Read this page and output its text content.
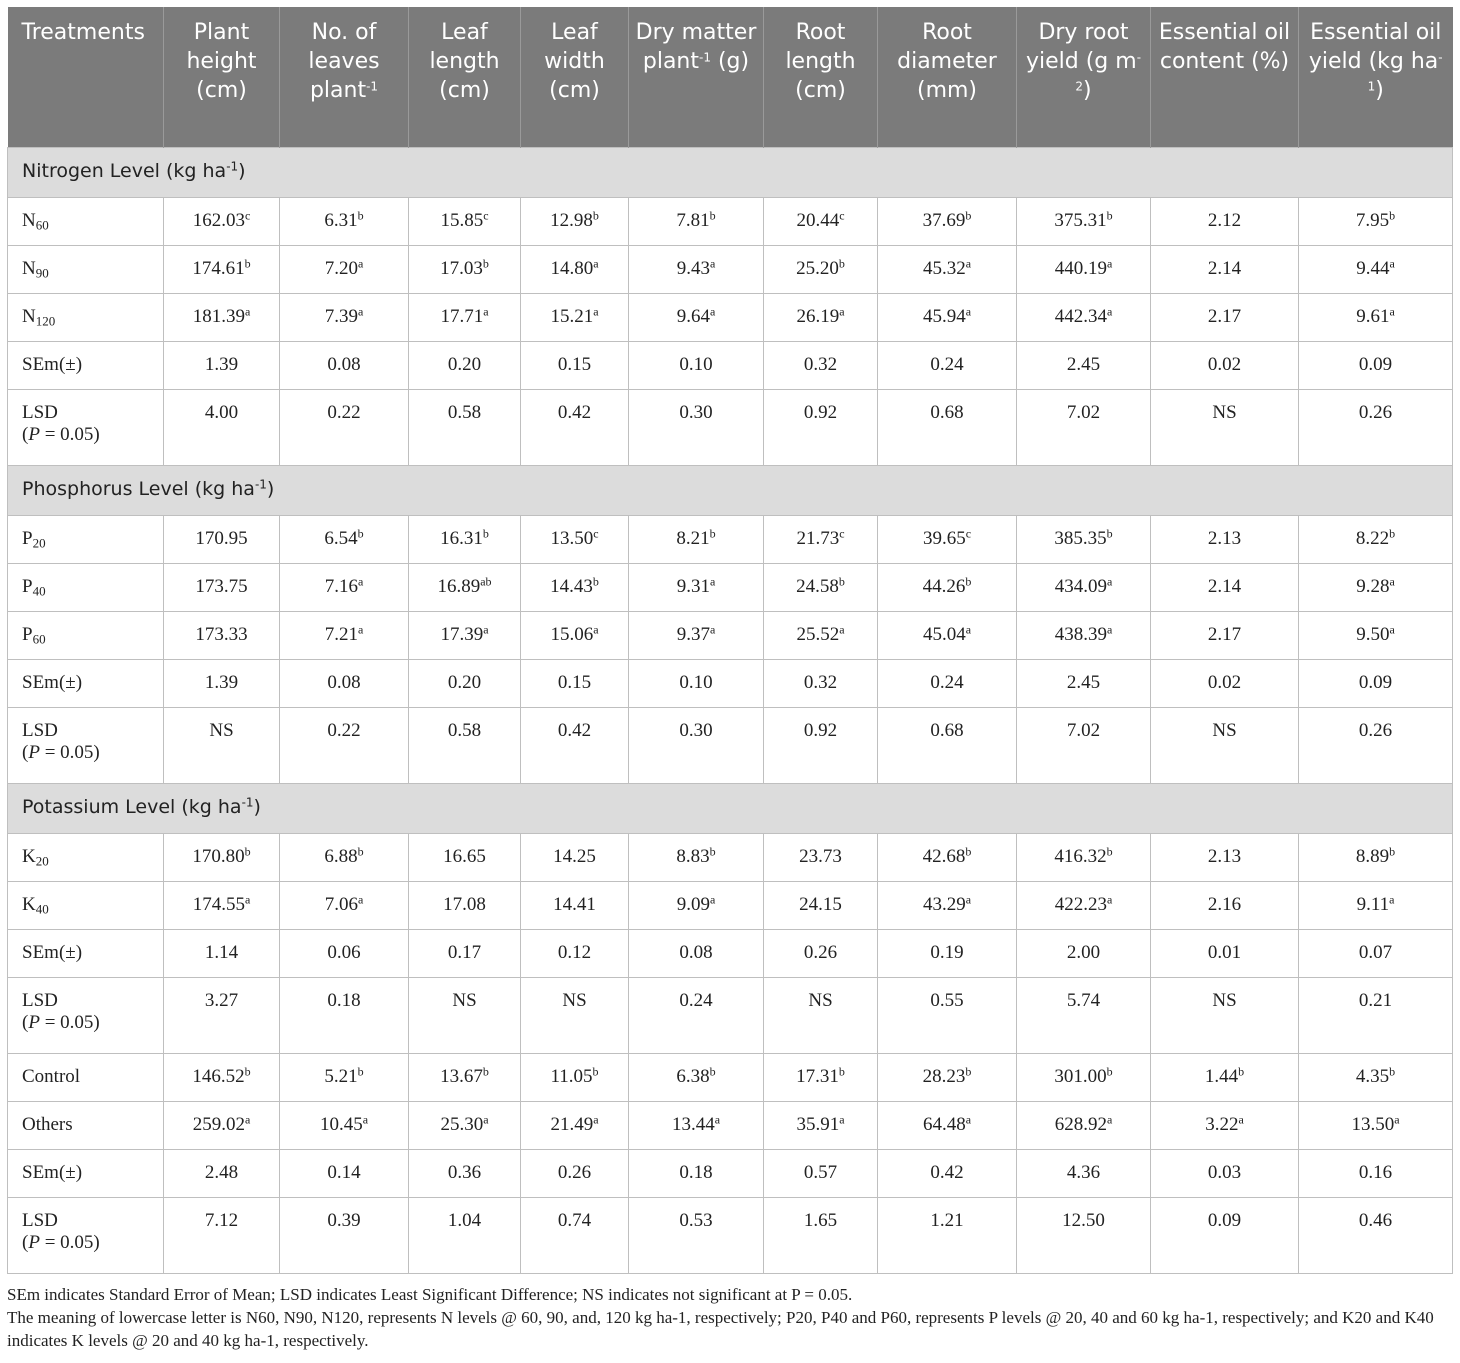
Treatments	Plant height (cm)	No. of leaves plant$^{-1}$	Leaf length (cm)	Leaf width (cm)	Dry matter plant$^{-1}$ (g)	Root length (cm)	Root diameter (mm)	Dry root yield (g $m^{-2}$)	Essential oil content (%)	Essential oil yield (kg $ha^{-1}$)
Nitrogen Level (kg $ha^{-1}$)										
$N_{60}$	162.03$^c$	6.31$^b$	15.85$^c$	12.98$^b$	7.81$^b$	20.44$^c$	37.69$^b$	375.31$^b$	2.12	7.95$^b$
$N_{90}$	174.61$^b$	7.20$^a$	17.03$^b$	14.80$^a$	9.43$^a$	25.20$^b$	45.32$^a$	440.19$^a$	2.14	9.44$^a$
$N_{120}$	181.39$^a$	7.39$^a$	17.71$^a$	15.21$^a$	9.64$^a$	26.19$^a$	45.94$^a$	442.34$^a$	2.17	9.61$^a$
SEm(±)	1.39	0.08	0.20	0.15	0.10	0.32	0.24	2.45	0.02	0.09
LSD
(P = 0.05)	4.00	0.22	0.58	0.42	0.30	0.92	0.68	7.02	NS	0.26
Phosphorus Level (kg $ha^{-1}$)										
$P_{20}$	170.95	6.54$^b$	16.31$^b$	13.50$^c$	8.21$^b$	21.73$^c$	39.65$^c$	385.35$^b$	2.13	8.22$^b$
$P_{40}$	173.75	7.16$^a$	16.89$^{ab}$	14.43$^b$	9.31$^a$	24.58$^b$	44.26$^b$	434.09$^a$	2.14	9.28$^a$
$P_{60}$	173.33	7.21$^a$	17.39$^a$	15.06$^a$	9.37$^a$	25.52$^a$	45.04$^a$	438.39$^a$	2.17	9.50$^a$
SEm(±)	1.39	0.08	0.20	0.15	0.10	0.32	0.24	2.45	0.02	0.09
LSD
(P = 0.05)	NS	0.22	0.58	0.42	0.30	0.92	0.68	7.02	NS	0.26
Potassium Level (kg $ha^{-1}$)										
$K_{20}$	170.80$^b$	6.88$^b$	16.65	14.25	8.83$^b$	23.73	42.68$^b$	416.32$^b$	2.13	8.89$^b$
$K_{40}$	174.55$^a$	7.06$^a$	17.08	14.41	9.09$^a$	24.15	43.29$^a$	422.23$^a$	2.16	9.11$^a$
SEm(±)	1.14	0.06	0.17	0.12	0.08	0.26	0.19	2.00	0.01	0.07
LSD
(P = 0.05)	3.27	0.18	NS	NS	0.24	NS	0.55	5.74	NS	0.21
Control	146.52$^b$	5.21$^b$	13.67$^b$	11.05$^b$	6.38$^b$	17.31$^b$	28.23$^b$	301.00$^b$	1.44$^b$	4.35$^b$
Others	259.02$^a$	10.45$^a$	25.30$^a$	21.49$^a$	13.44$^a$	35.91$^a$	64.48$^a$	628.92$^a$	3.22$^a$	13.50$^a$
SEm(±)	2.48	0.14	0.36	0.26	0.18	0.57	0.42	4.36	0.03	0.16
LSD
(P = 0.05)	7.12	0.39	1.04	0.74	0.53	1.65	1.21	12.50	0.09	0.46

SEm indicates Standard Error of Mean; LSD indicates Least Significant Difference; NS indicates not significant at P = 0.05.

The meaning of lowercase letter is N60, N90, N120, represents N levels @ 60, 90, and, 120 kg ha-1, respectively; P20, P40 and P60, represents P levels @ 20, 40 and 60 kg ha-1, respectively; and K20 and K40 indicates K levels @ 20 and 40 kg ha-1, respectively.
